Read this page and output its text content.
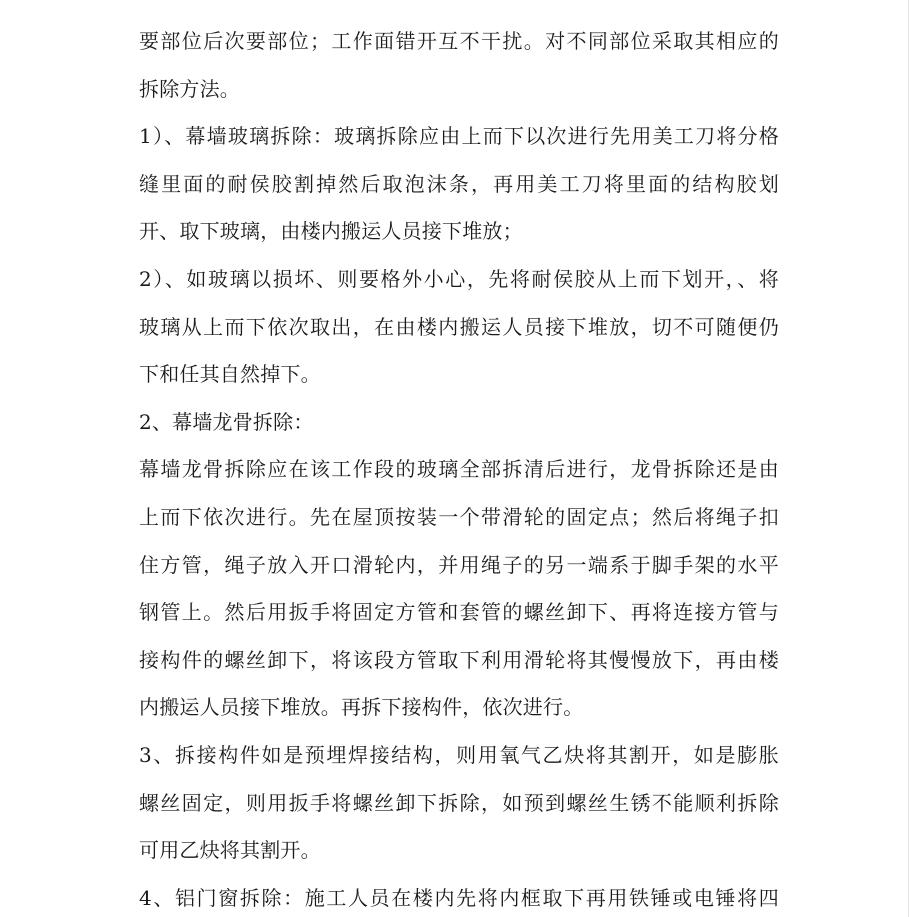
要部位后次要部位；工作面错开互不干扰。对不同部位采取其相应的
拆除方法。
1）、幕墙玻璃拆除：玻璃拆除应由上而下以次进行先用美工刀将分格
缝里面的耐侯胶割掉然后取泡沫条，再用美工刀将里面的结构胶划
开、取下玻璃，由楼内搬运人员接下堆放；
2）、如玻璃以损坏、则要格外小心，先将耐侯胶从上而下划开，、将
玻璃从上而下依次取出，在由楼内搬运人员接下堆放，切不可随便仍
下和任其自然掉下。
2、幕墙龙骨拆除：
幕墙龙骨拆除应在该工作段的玻璃全部拆清后进行，龙骨拆除还是由
上而下依次进行。先在屋顶按装一个带滑轮的固定点；然后将绳子扣
住方管，绳子放入开口滑轮内，并用绳子的另一端系于脚手架的水平
钢管上。然后用扳手将固定方管和套管的螺丝卸下、再将连接方管与
接构件的螺丝卸下，将该段方管取下利用滑轮将其慢慢放下，再由楼
内搬运人员接下堆放。再拆下接构件，依次进行。
3、拆接构件如是预埋焊接结构，则用氧气乙炔将其割开，如是膨胀
螺丝固定，则用扳手将螺丝卸下拆除，如预到螺丝生锈不能顺利拆除
可用乙炔将其割开。
4、铝门窗拆除：施工人员在楼内先将内框取下再用铁锤或电锤将四
